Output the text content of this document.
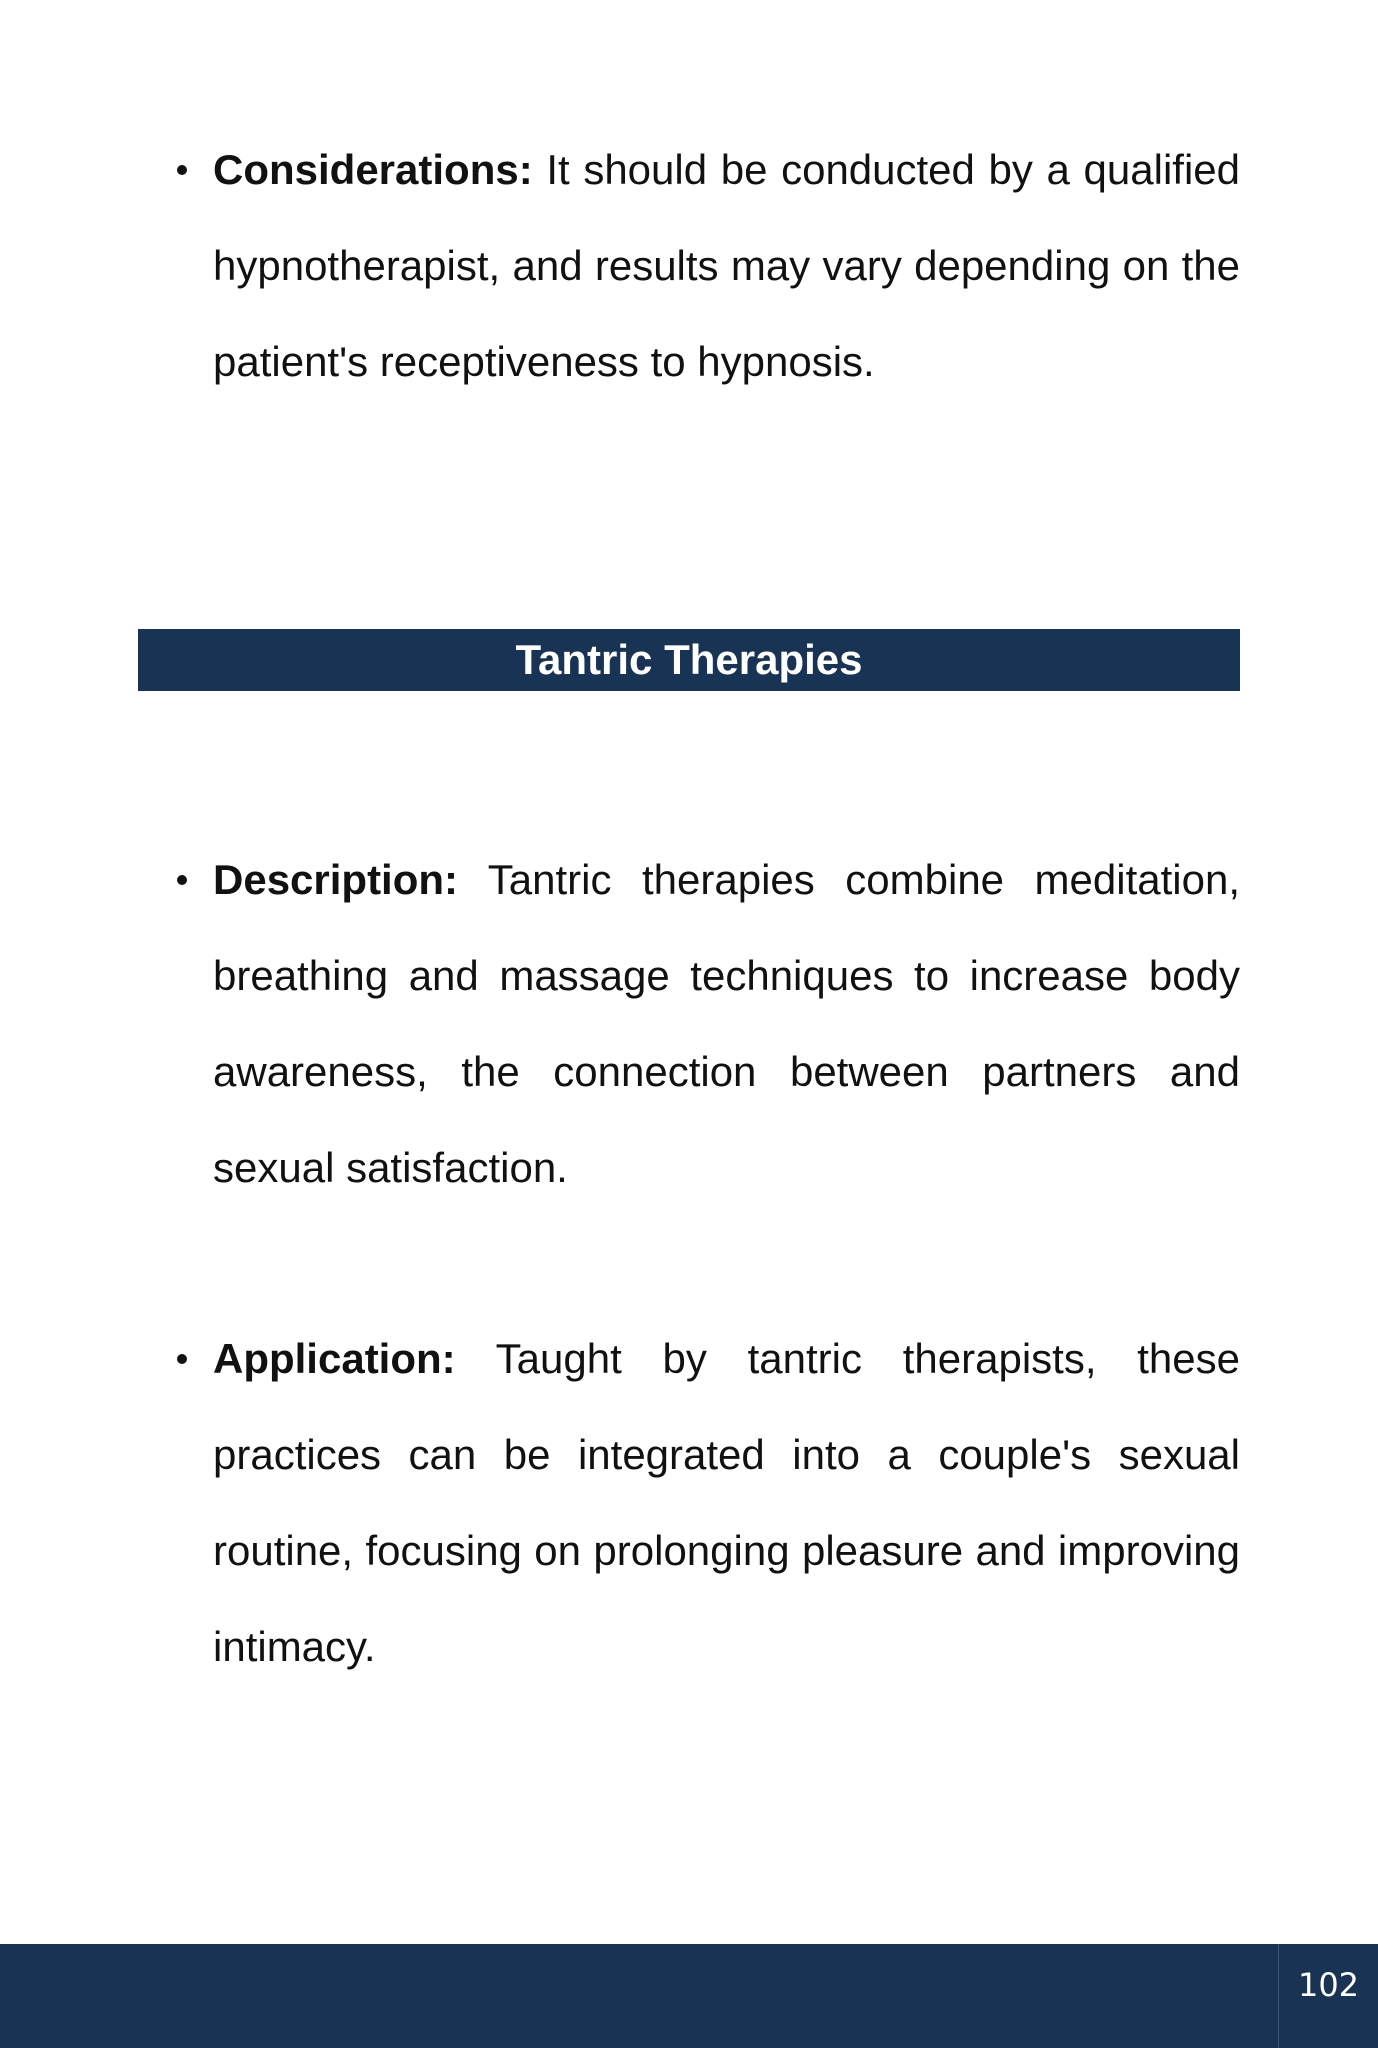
Considerations: It should be conducted by a qualified hypnotherapist, and results may vary depending on the patient's receptiveness to hypnosis.
Tantric Therapies
Description: Tantric therapies combine meditation, breathing and massage techniques to increase body awareness, the connection between partners and sexual satisfaction.
Application: Taught by tantric therapists, these practices can be integrated into a couple's sexual routine, focusing on prolonging pleasure and improving intimacy.
102
